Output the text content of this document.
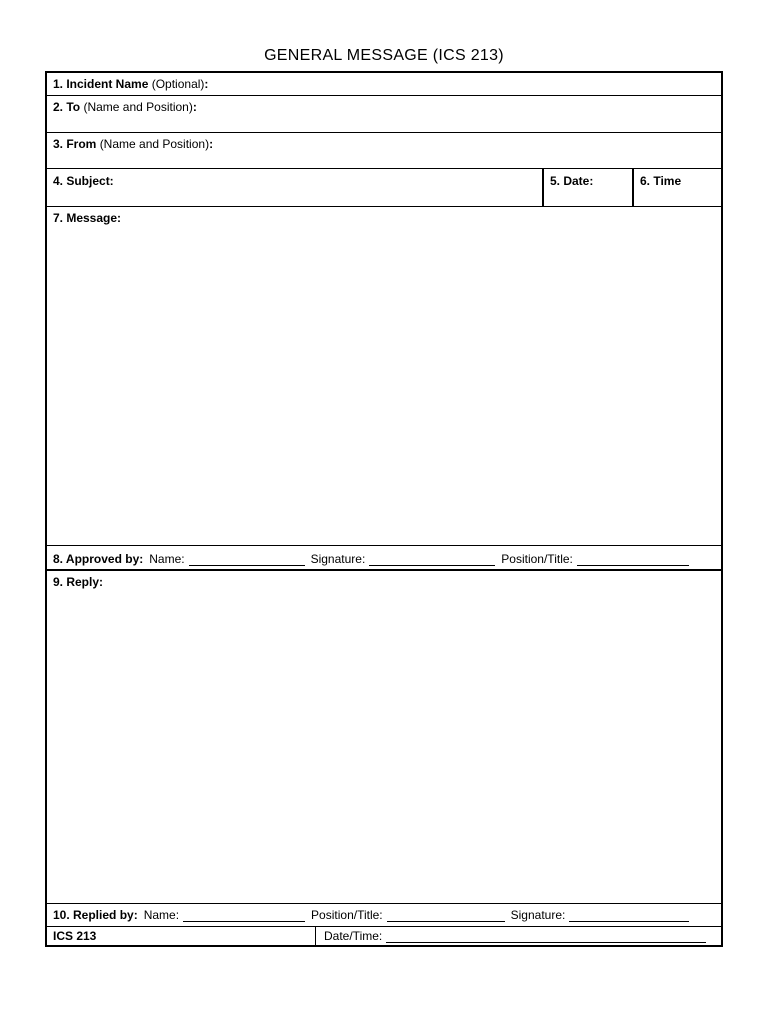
GENERAL MESSAGE (ICS 213)
1. Incident Name (Optional):
2. To (Name and Position):
3. From (Name and Position):
4. Subject:	5. Date:	6. Time
7. Message:
8. Approved by: Name:	Signature:	Position/Title:
9. Reply:
10. Replied by: Name:	Position/Title:	Signature:
ICS 213	Date/Time:
